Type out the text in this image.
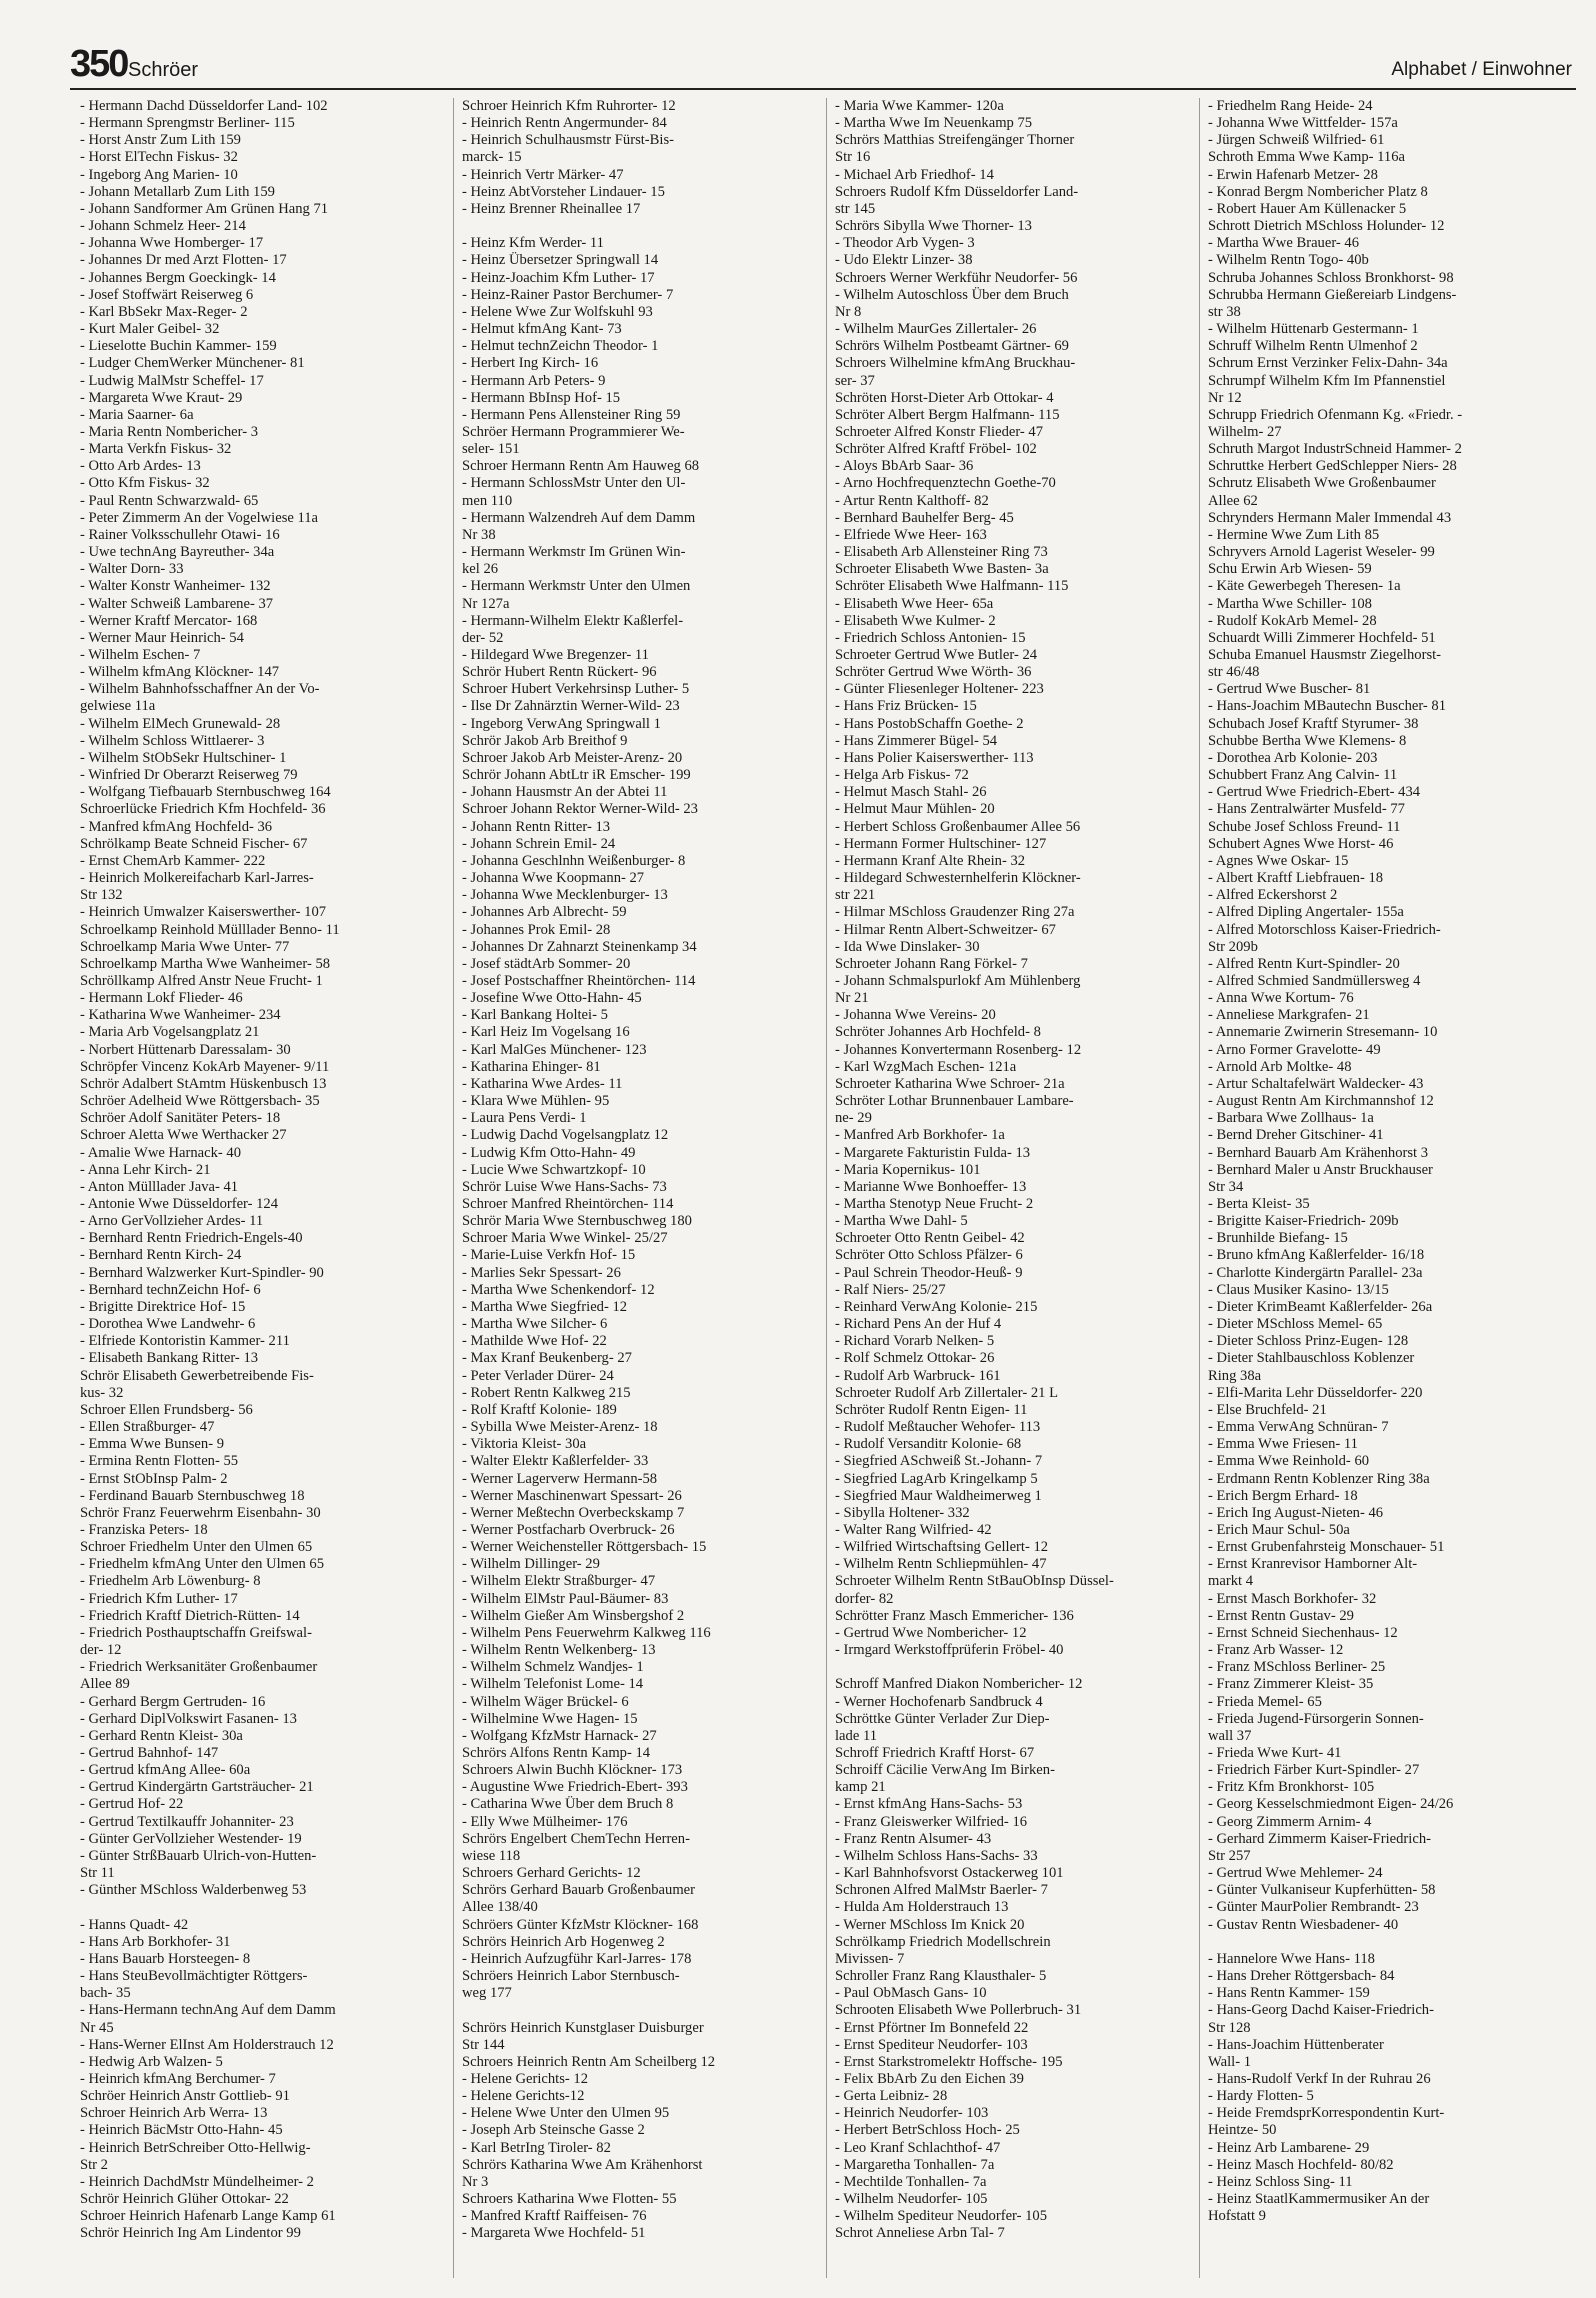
350 Schröer	Alphabet / Einwohner
- Hermann Dachd Düsseldorfer Land- 102
- Hermann Sprengmstr Berliner- 115
- Horst Anstr Zum Lith 159
- Horst ElTechn Fiskus- 32
- Ingeborg Ang Marien- 10
- Johann Metallarb Zum Lith 159
- Johann Sandformer Am Grünen Hang 71
- Johann Schmelz Heer- 214
- Johanna Wwe Homberger- 17
- Johannes Dr med Arzt Flotten- 17
- Johannes Bergm Goeckingk- 14
- Josef Stoffwärt Reiserweg 6
- Karl BbSekr Max-Reger- 2
- Kurt Maler Geibel- 32
- Lieselotte Buchin Kammer- 159
- Ludger ChemWerker Münchener- 81
- Ludwig MalMstr Scheffel- 17
- Margareta Wwe Kraut- 29
- Maria Saarner- 6a
- Maria Rentn Nombericher- 3
- Marta Verkfn Fiskus- 32
- Otto Arb Ardes- 13
- Otto Kfm Fiskus- 32
- Paul Rentn Schwarzwald- 65
- Peter Zimmerm An der Vogelwiese 11a
- Rainer Volksschullehr Otawi- 16
- Uwe technAng Bayreuther- 34a
- Walter Dorn- 33
- Walter Konstr Wanheimer- 132
- Walter Schweiß Lambarene- 37
- Werner Kraftf Mercator- 168
- Werner Maur Heinrich- 54
- Wilhelm Eschen- 7
- Wilhelm kfmAng Klöckner- 147
- Wilhelm Bahnhofsschaffner An der Vo-
gelwiese 11a
- Wilhelm ElMech Grunewald- 28
- Wilhelm Schloss Wittlaerer- 3
- Wilhelm StObSekr Hultschiner- 1
- Winfried Dr Oberarzt Reiserweg 79
- Wolfgang Tiefbauarb Sternbuschweg 164
Schroerlücke Friedrich Kfm Hochfeld- 36
- Manfred kfmAng Hochfeld- 36
Schrölkamp Beate Schneid Fischer- 67
- Ernst ChemArb Kammer- 222
- Heinrich Molkereifacharb Karl-Jarres-
Str 132
- Heinrich Umwalzer Kaiserswerther- 107
Schroelkamp Reinhold Mülllader Benno- 11
Schroelkamp Maria Wwe Unter- 77
Schroelkamp Martha Wwe Wanheimer- 58
Schröllkamp Alfred Anstr Neue Frucht- 1
- Hermann Lokf Flieder- 46
- Katharina Wwe Wanheimer- 234
- Maria Arb Vogelsangplatz 21
- Norbert Hüttenarb Daressalam- 30
Schröpfer Vincenz KokArb Mayener- 9/11
Schrör Adalbert StAmtm Hüskenbusch 13
Schröer Adelheid Wwe Röttgersbach- 35
Schröer Adolf Sanitäter Peters- 18
Schroer Aletta Wwe Werthacker 27
- Amalie Wwe Harnack- 40
- Anna Lehr Kirch- 21
- Anton Mülllader Java- 41
- Antonie Wwe Düsseldorfer- 124
- Arno GerVollzieher Ardes- 11
- Bernhard Rentn Friedrich-Engels-40
- Bernhard Rentn Kirch- 24
- Bernhard Walzwerker Kurt-Spindler- 90
- Bernhard technZeichn Hof- 6
- Brigitte Direktrice Hof- 15
- Dorothea Wwe Landwehr- 6
- Elfriede Kontoristin Kammer- 211
- Elisabeth Bankang Ritter- 13
Schrör Elisabeth Gewerbetreibende Fis-
kus- 32
Schroer Ellen Frundsberg- 56
- Ellen Straßburger- 47
- Emma Wwe Bunsen- 9
- Ermina Rentn Flotten- 55
- Ernst StObInsp Palm- 2
- Ferdinand Bauarb Sternbuschweg 18
Schrör Franz Feuerwehrm Eisenbahn- 30
- Franziska Peters- 18
Schroer Friedhelm Unter den Ulmen 65
- Friedhelm kfmAng Unter den Ulmen 65
- Friedhelm Arb Löwenburg- 8
- Friedrich Kfm Luther- 17
- Friedrich Kraftf Dietrich-Rütten- 14
- Friedrich Posthauptschaffn Greifswal-
der- 12
- Friedrich Werksanitäter Großenbaumer
Allee 89
- Gerhard Bergm Gertruden- 16
- Gerhard DiplVolkswirt Fasanen- 13
- Gerhard Rentn Kleist- 30a
- Gertrud Bahnhof- 147
- Gertrud kfmAng Allee- 60a
- Gertrud Kindergärtn Gartsträucher- 21
- Gertrud Hof- 22
- Gertrud Textilkauffr Johanniter- 23
- Günter GerVollzieher Westender- 19
- Günter StrßBauarb Ulrich-von-Hutten-
Str 11
- Günther MSchloss Walderbenweg 53

- Hanns Quadt- 42
- Hans Arb Borkhofer- 31
- Hans Bauarb Horsteegen- 8
- Hans SteuBevollmächtigter Röttgers-
bach- 35
- Hans-Hermann technAng Auf dem Damm
Nr 45
- Hans-Werner ElInst Am Holderstrauch 12
- Hedwig Arb Walzen- 5
- Heinrich kfmAng Berchumer- 7
Schröer Heinrich Anstr Gottlieb- 91
Schroer Heinrich Arb Werra- 13
- Heinrich BäcMstr Otto-Hahn- 45
- Heinrich BetrSchreiber Otto-Hellwig-
Str 2
- Heinrich DachdMstr Mündelheimer- 2
Schrör Heinrich Glüher Ottokar- 22
Schroer Heinrich Hafenarb Lange Kamp 61
Schrör Heinrich Ing Am Lindentor 99
Schroer Heinrich Kfm Ruhrorter- 12
- Heinrich Rentn Angermunder- 84
- Heinrich Schulhausmstr Fürst-Bis-
marck- 15
- Heinrich Vertr Märker- 47
- Heinz AbtVorsteher Lindauer- 15
- Heinz Brenner Rheinallee 17

- Heinz Kfm Werder- 11
- Heinz Übersetzer Springwall 14
- Heinz-Joachim Kfm Luther- 17
- Heinz-Rainer Pastor Berchumer- 7
- Helene Wwe Zur Wolfskuhl 93
- Helmut kfmAng Kant- 73
- Helmut technZeichn Theodor- 1
- Herbert Ing Kirch- 16
- Hermann Arb Peters- 9
- Hermann BbInsp Hof- 15
- Hermann Pens Allensteiner Ring 59
Schröer Hermann Programmierer We-
seler- 151
Schroer Hermann Rentn Am Hauweg 68
- Hermann SchlossMstr Unter den Ul-
men 110
- Hermann Walzendreh Auf dem Damm
Nr 38
- Hermann Werkmstr Im Grünen Win-
kel 26
- Hermann Werkmstr Unter den Ulmen
Nr 127a
- Hermann-Wilhelm Elektr Kaßlerfel-
der- 52
- Hildegard Wwe Bregenzer- 11
Schrör Hubert Rentn Rückert- 96
Schroer Hubert Verkehrsinsp Luther- 5
- Ilse Dr Zahnärztin Werner-Wild- 23
- Ingeborg VerwAng Springwall 1
Schrör Jakob Arb Breithof 9
Schroer Jakob Arb Meister-Arenz- 20
Schrör Johann AbtLtr iR Emscher- 199
- Johann Hausmstr An der Abtei 11
Schroer Johann Rektor Werner-Wild- 23
- Johann Rentn Ritter- 13
- Johann Schrein Emil- 24
- Johanna Geschlnhn Weißenburger- 8
- Johanna Wwe Koopmann- 27
- Johanna Wwe Mecklenburger- 13
- Johannes Arb Albrecht- 59
- Johannes Prok Emil- 28
- Johannes Dr Zahnarzt Steinenkamp 34
- Josef städtArb Sommer- 20
- Josef Postschaffner Rheintörchen- 114
- Josefine Wwe Otto-Hahn- 45
- Karl Bankang Holtei- 5
- Karl Heiz Im Vogelsang 16
- Karl MalGes Münchener- 123
- Katharina Ehinger- 81
- Katharina Wwe Ardes- 11
- Klara Wwe Mühlen- 95
- Laura Pens Verdi- 1
- Ludwig Dachd Vogelsangplatz 12
- Ludwig Kfm Otto-Hahn- 49
- Lucie Wwe Schwartzkopf- 10
Schrör Luise Wwe Hans-Sachs- 73
Schroer Manfred Rheintörchen- 114
Schrör Maria Wwe Sternbuschweg 180
Schroer Maria Wwe Winkel- 25/27
- Marie-Luise Verkfn Hof- 15
- Marlies Sekr Spessart- 26
- Martha Wwe Schenkendorf- 12
- Martha Wwe Siegfried- 12
- Martha Wwe Silcher- 6
- Mathilde Wwe Hof- 22
- Max Kranf Beukenberg- 27
- Peter Verlader Dürer- 24
- Robert Rentn Kalkweg 215
- Rolf Kraftf Kolonie- 189
- Sybilla Wwe Meister-Arenz- 18
- Viktoria Kleist- 30a
- Walter Elektr Kaßlerfelder- 33
- Werner Lagerverw Hermann-58
- Werner Maschinenwart Spessart- 26
- Werner Meßtechn Overbeckskamp 7
- Werner Postfacharb Overbruck- 26
- Werner Weichensteller Röttgersbach- 15
- Wilhelm Dillinger- 29
- Wilhelm Elektr Straßburger- 47
- Wilhelm ElMstr Paul-Bäumer- 83
- Wilhelm Gießer Am Winsbergshof 2
- Wilhelm Pens Feuerwehrm Kalkweg 116
- Wilhelm Rentn Welkenberg- 13
- Wilhelm Schmelz Wandjes- 1
- Wilhelm Telefonist Lome- 14
- Wilhelm Wäger Brückel- 6
- Wilhelmine Wwe Hagen- 15
- Wolfgang KfzMstr Harnack- 27
Schrörs Alfons Rentn Kamp- 14
Schroers Alwin Buchh Klöckner- 173
- Augustine Wwe Friedrich-Ebert- 393
- Catharina Wwe Über dem Bruch 8
- Elly Wwe Mülheimer- 176
Schrörs Engelbert ChemTechn Herren-
wiese 118
Schroers Gerhard Gerichts- 12
Schrörs Gerhard Bauarb Großenbaumer
Allee 138/40
Schröers Günter KfzMstr Klöckner- 168
Schrörs Heinrich Arb Hogenweg 2
- Heinrich Aufzugführ Karl-Jarres- 178
Schröers Heinrich Labor Sternbusch-
weg 177

Schrörs Heinrich Kunstglaser Duisburger
Str 144
Schroers Heinrich Rentn Am Scheilberg 12
- Helene Gerichts- 12
- Helene Gerichts-12
- Helene Wwe Unter den Ulmen 95
- Joseph Arb Steinsche Gasse 2
- Karl BetrIng Tiroler- 82
Schrörs Katharina Wwe Am Krähenhorst
Nr 3
Schroers Katharina Wwe Flotten- 55
- Manfred Kraftf Raiffeisen- 76
- Margareta Wwe Hochfeld- 51
- Maria Wwe Kammer- 120a
- Martha Wwe Im Neuenkamp 75
Schrörs Matthias Streifengänger Thorner
Str 16
- Michael Arb Friedhof- 14
Schroers Rudolf Kfm Düsseldorfer Land-
str 145
Schrörs Sibylla Wwe Thorner- 13
- Theodor Arb Vygen- 3
- Udo Elektr Linzer- 38
Schroers Werner Werkführ Neudorfer- 56
- Wilhelm Autoschloss Über dem Bruch
Nr 8
- Wilhelm MaurGes Zillertaler- 26
Schrörs Wilhelm Postbeamt Gärtner- 69
Schroers Wilhelmine kfmAng Bruckhau-
ser- 37
Schröten Horst-Dieter Arb Ottokar- 4
Schröter Albert Bergm Halfmann- 115
Schroeter Alfred Konstr Flieder- 47
Schröter Alfred Kraftf Fröbel- 102
- Aloys BbArb Saar- 36
- Arno Hochfrequenztechn Goethe-70
- Artur Rentn Kalthoff- 82
- Bernhard Bauhelfer Berg- 45
- Elfriede Wwe Heer- 163
- Elisabeth Arb Allensteiner Ring 73
Schroeter Elisabeth Wwe Basten- 3a
Schröter Elisabeth Wwe Halfmann- 115
- Elisabeth Wwe Heer- 65a
- Elisabeth Wwe Kulmer- 2
- Friedrich Schloss Antonien- 15
Schroeter Gertrud Wwe Butler- 24
Schröter Gertrud Wwe Wörth- 36
- Günter Fliesenleger Holtener- 223
- Hans Friz Brücken- 15
- Hans PostobSchaffn Goethe- 2
- Hans Zimmerer Bügel- 54
- Hans Polier Kaiserswerther- 113
- Helga Arb Fiskus- 72
- Helmut Masch Stahl- 26
- Helmut Maur Mühlen- 20
- Herbert Schloss Großenbaumer Allee 56
- Hermann Former Hultschiner- 127
- Hermann Kranf Alte Rhein- 32
- Hildegard Schwesternhelferin Klöckner-
str 221
- Hilmar MSchloss Graudenzer Ring 27a
- Hilmar Rentn Albert-Schweitzer- 67
- Ida Wwe Dinslaker- 30
Schroeter Johann Rang Förkel- 7
- Johann Schmalspurlokf Am Mühlenberg
Nr 21
- Johanna Wwe Vereins- 20
Schröter Johannes Arb Hochfeld- 8
- Johannes Konvertermann Rosenberg- 12
- Karl WzgMach Eschen- 121a
Schroeter Katharina Wwe Schroer- 21a
Schröter Lothar Brunnenbauer Lambare-
ne- 29
- Manfred Arb Borkhofer- 1a
- Margarete Fakturistin Fulda- 13
- Maria Kopernikus- 101
- Marianne Wwe Bonhoeffer- 13
- Martha Stenotyp Neue Frucht- 2
- Martha Wwe Dahl- 5
Schroeter Otto Rentn Geibel- 42
Schröter Otto Schloss Pfälzer- 6
- Paul Schrein Theodor-Heuß- 9
- Ralf Niers- 25/27
- Reinhard VerwAng Kolonie- 215
- Richard Pens An der Huf 4
- Richard Vorarb Nelken- 5
- Rolf Schmelz Ottokar- 26
- Rudolf Arb Warbruck- 161
Schroeter Rudolf Arb Zillertaler- 21 L
Schröter Rudolf Rentn Eigen- 11
- Rudolf Meßtaucher Wehofer- 113
- Rudolf Versanditr Kolonie- 68
- Siegfried ASchweiß St.-Johann- 7
- Siegfried LagArb Kringelkamp 5
- Siegfried Maur Waldheimerweg 1
- Sibylla Holtener- 332
- Walter Rang Wilfried- 42
- Wilfried Wirtschaftsing Gellert- 12
- Wilhelm Rentn Schliepmühlen- 47
Schroeter Wilhelm Rentn StBauObInsp Düssel-
dorfer- 82
Schrötter Franz Masch Emmericher- 136
- Gertrud Wwe Nombericher- 12
- Irmgard Werkstoffprüferin Fröbel- 40

Schroff Manfred Diakon Nombericher- 12
- Werner Hochofenarb Sandbruck 4
Schröttke Günter Verlader Zur Diep-
lade 11
Schroff Friedrich Kraftf Horst- 67
Schroiff Cäcilie VerwAng Im Birken-
kamp 21
- Ernst kfmAng Hans-Sachs- 53
- Franz Gleiswerker Wilfried- 16
- Franz Rentn Alsumer- 43
- Wilhelm Schloss Hans-Sachs- 33
- Karl Bahnhofsvorst Ostackerweg 101
Schronen Alfred MalMstr Baerler- 7
- Hulda Am Holderstrauch 13
- Werner MSchloss Im Knick 20
Schrölkamp Friedrich Modellschrein
Mivissen- 7
Schroller Franz Rang Klausthaler- 5
- Paul ObMasch Gans- 10
Schrooten Elisabeth Wwe Pollerbruch- 31
- Ernst Pförtner Im Bonnefeld 22
- Ernst Spediteur Neudorfer- 103
- Ernst Starkstromelektr Hoffsche- 195
- Felix BbArb Zu den Eichen 39
- Gerta Leibniz- 28
- Heinrich Neudorfer- 103
- Herbert BetrSchloss Hoch- 25
- Leo Kranf Schlachthof- 47
- Margaretha Tonhallen- 7a
- Mechtilde Tonhallen- 7a
- Wilhelm Neudorfer- 105
- Wilhelm Spediteur Neudorfer- 105
Schrot Anneliese Arbn Tal- 7
- Friedhelm Rang Heide- 24
- Johanna Wwe Wittfelder- 157a
- Jürgen Schweiß Wilfried- 61
Schroth Emma Wwe Kamp- 116a
- Erwin Hafenarb Metzer- 28
- Konrad Bergm Nombericher Platz 8
- Robert Hauer Am Küllenacker 5
Schrott Dietrich MSchloss Holunder- 12
- Martha Wwe Brauer- 46
- Wilhelm Rentn Togo- 40b
Schruba Johannes Schloss Bronkhorst- 98
Schrubba Hermann Gießereiarb Lindgens-
str 38
- Wilhelm Hüttenarb Gestermann- 1
Schruff Wilhelm Rentn Ulmenhof 2
Schrum Ernst Verzinker Felix-Dahn- 34a
Schrumpf Wilhelm Kfm Im Pfannenstiel
Nr 12
Schrupp Friedrich Ofenmann Kg. «Friedr. -
Wilhelm- 27
Schruth Margot IndustrSchneid Hammer- 2
Schruttke Herbert GedSchlepper Niers- 28
Schrutz Elisabeth Wwe Großenbaumer
Allee 62
Schrynders Hermann Maler Immendal 43
- Hermine Wwe Zum Lith 85
Schryvers Arnold Lagerist Weseler- 99
Schu Erwin Arb Wiesen- 59
- Käte Gewerbegeh Theresen- 1a
- Martha Wwe Schiller- 108
- Rudolf KokArb Memel- 28
Schuardt Willi Zimmerer Hochfeld- 51
Schuba Emanuel Hausmstr Ziegelhorst-
str 46/48
- Gertrud Wwe Buscher- 81
- Hans-Joachim MBautechn Buscher- 81
Schubach Josef Kraftf Styrumer- 38
Schubbe Bertha Wwe Klemens- 8
- Dorothea Arb Kolonie- 203
Schubbert Franz Ang Calvin- 11
- Gertrud Wwe Friedrich-Ebert- 434
- Hans Zentralwärter Musfeld- 77
Schube Josef Schloss Freund- 11
Schubert Agnes Wwe Horst- 46
- Agnes Wwe Oskar- 15
- Albert Kraftf Liebfrauen- 18
- Alfred Eckershorst 2
- Alfred Dipling Angertaler- 155a
- Alfred Motorschloss Kaiser-Friedrich-
Str 209b
- Alfred Rentn Kurt-Spindler- 20
- Alfred Schmied Sandmüllersweg 4
- Anna Wwe Kortum- 76
- Anneliese Markgrafen- 21
- Annemarie Zwirnerin Stresemann- 10
- Arno Former Gravelotte- 49
- Arnold Arb Moltke- 48
- Artur Schaltafelwärt Waldecker- 43
- August Rentn Am Kirchmannshof 12
- Barbara Wwe Zollhaus- 1a
- Bernd Dreher Gitschiner- 41
- Bernhard Bauarb Am Krähenhorst 3
- Bernhard Maler u Anstr Bruckhauser
Str 34
- Berta Kleist- 35
- Brigitte Kaiser-Friedrich- 209b
- Brunhilde Biefang- 15
- Bruno kfmAng Kaßlerfelder- 16/18
- Charlotte Kindergärtn Parallel- 23a
- Claus Musiker Kasino- 13/15
- Dieter KrimBeamt Kaßlerfelder- 26a
- Dieter MSchloss Memel- 65
- Dieter Schloss Prinz-Eugen- 128
- Dieter Stahlbauschloss Koblenzer
Ring 38a
- Elfi-Marita Lehr Düsseldorfer- 220
- Else Bruchfeld- 21
- Emma VerwAng Schnüran- 7
- Emma Wwe Friesen- 11
- Emma Wwe Reinhold- 60
- Erdmann Rentn Koblenzer Ring 38a
- Erich Bergm Erhard- 18
- Erich Ing August-Nieten- 46
- Erich Maur Schul- 50a
- Ernst Grubenfahrsteig Monschauer- 51
- Ernst Kranrevisor Hamborner Alt-
markt 4
- Ernst Masch Borkhofer- 32
- Ernst Rentn Gustav- 29
- Ernst Schneid Siechenhaus- 12
- Franz Arb Wasser- 12
- Franz MSchloss Berliner- 25
- Franz Zimmerer Kleist- 35
- Frieda Memel- 65
- Frieda Jugend-Fürsorgerin Sonnen-
wall 37
- Frieda Wwe Kurt- 41
- Friedrich Färber Kurt-Spindler- 27
- Fritz Kfm Bronkhorst- 105
- Georg Kesselschmiedmont Eigen- 24/26
- Georg Zimmerm Arnim- 4
- Gerhard Zimmerm Kaiser-Friedrich-
Str 257
- Gertrud Wwe Mehlemer- 24
- Günter Vulkaniseur Kupferhütten- 58
- Günter MaurPolier Rembrandt- 23
- Gustav Rentn Wiesbadener- 40

- Hannelore Wwe Hans- 118
- Hans Dreher Röttgersbach- 84
- Hans Rentn Kammer- 159
- Hans-Georg Dachd Kaiser-Friedrich-
Str 128
- Hans-Joachim Hüttenberater
Wall- 1
- Hans-Rudolf Verkf In der Ruhrau 26
- Hardy Flotten- 5
- Heide FremdsprKorrespondentin Kurt-
Heintze- 50
- Heinz Arb Lambarene- 29
- Heinz Masch Hochfeld- 80/82
- Heinz Schloss Sing- 11
- Heinz StaatlKammermusiker An der
Hofstatt 9
